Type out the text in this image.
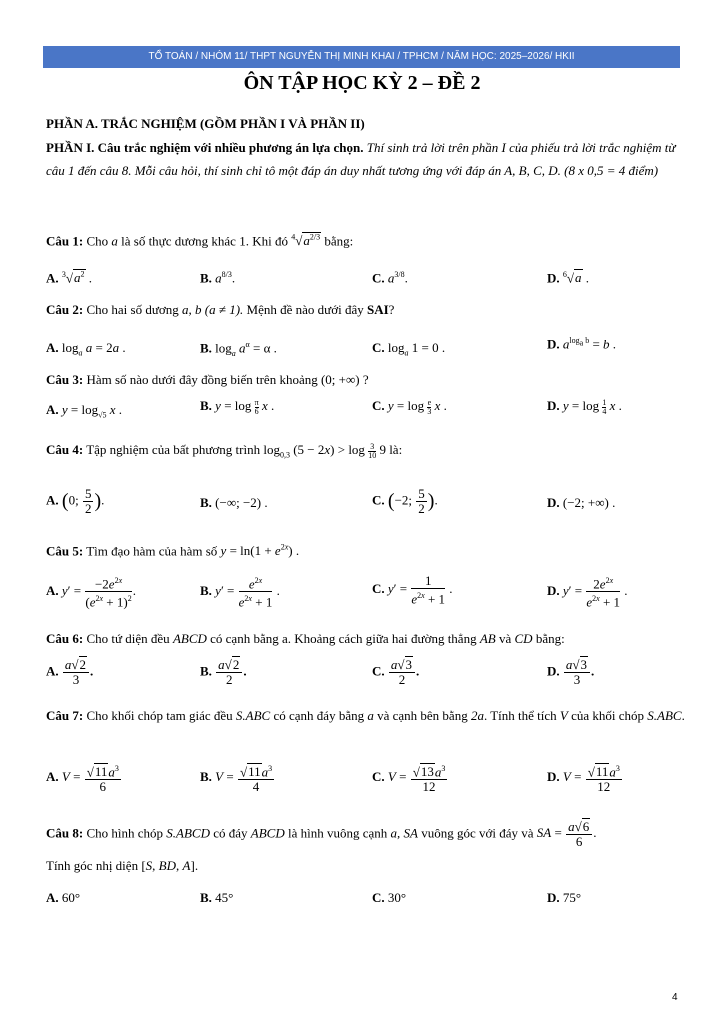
TỔ TOÁN / NHÓM 11/ THPT NGUYỄN THỊ MINH KHAI / TPHCM / NĂM HỌC: 2025–2026/ HKII
ÔN TẬP HỌC KỲ 2 – ĐỀ 2
PHẦN A. TRẮC NGHIỆM (GỒM PHẦN I VÀ PHẦN II)
PHẦN I. Câu trắc nghiệm với nhiều phương án lựa chọn. Thí sinh trả lời trên phần I của phiếu trả lời trắc nghiệm từ câu 1 đến câu 8. Mỗi câu hỏi, thí sinh chỉ tô một đáp án duy nhất tương ứng với đáp án A, B, C, D. (8 x 0,5 = 4 điểm)
Câu 1: Cho a là số thực dương khác 1. Khi đó $^4√a^{2/3}$ bằng:
A. $^3√a^2$ .	B. $a^{8/3}$.	C. $a^{3/8}$.	D. $^6$√a .
Câu 2: Cho hai số dương a, b (a ≠ 1). Mệnh đề nào dưới đây SAI?
A. $\log_a a = 2a$ .	B. $\log_a a^\alpha = \alpha$ .	C. $\log_a 1 = 0$ .	D. $a^{log_a b} = b$ .
Câu 3: Hàm số nào dưới đây đồng biến trên khoảng (0; +∞) ?
A. $y = \log_{√5} x$ .	B. $y = \log \frac{\pi}{6}$ x .	C. $y = \log \frac{e}{3}$ x .	D. $y = \log \frac{1}{4}$ x .
Câu 4: Tập nghiệm của bất phương trình $\log_{0,3} (5 - 2x) > \log \frac{3}{10} 9$ là:
A. (0; $\frac{5}{2}$ ).	B. (−∞; −2) .	C. (−2; $\frac{5}{2}$ ).	D. (−2; +∞) .
Câu 5: Tìm đạo hàm của hàm số $y = \ln(1 + e^{2x})$ .
A. $y' = \frac{-2e^{2x}}{(e^{2x} + 1)^2}$ .	B. $y' = \frac{e^{2x}}{e^{2x} + 1}$ .	C. $y' = \frac{1}{e^{2x} + 1}$ .	D. $y' = \frac{2e^{2x}}{e^{2x} + 1}$ .
Câu 6: Cho tứ diện đều ABCD có cạnh bằng a. Khoảng cách giữa hai đường thẳng AB và CD bằng:
A. $\frac{a√2}{3}$ .	B. $\frac{a√2}{2}$ .	C. $\frac{a√3}{2}$ .	D. $\frac{a√3}{3}$ .
Câu 7: Cho khối chóp tam giác đều S.ABC có cạnh đáy bằng a và cạnh bên bằng 2a. Tính thể tích V của khối chóp S.ABC.
A. $V = \frac{√11a^3}{6}$	B. $V = \frac{√11a^3}{4}$	C. $V = \frac{√13a^3}{12}$	D. $V = \frac{√11a^3}{12}$
Câu 8: Cho hình chóp S.ABCD có đáy ABCD là hình vuông cạnh a, SA vuông góc với đáy và SA = $\frac{a√6}{6}$ .
Tính góc nhị diện [S, BD, A].
A. 60°	B. 45°	C. 30°	D. 75°
4
